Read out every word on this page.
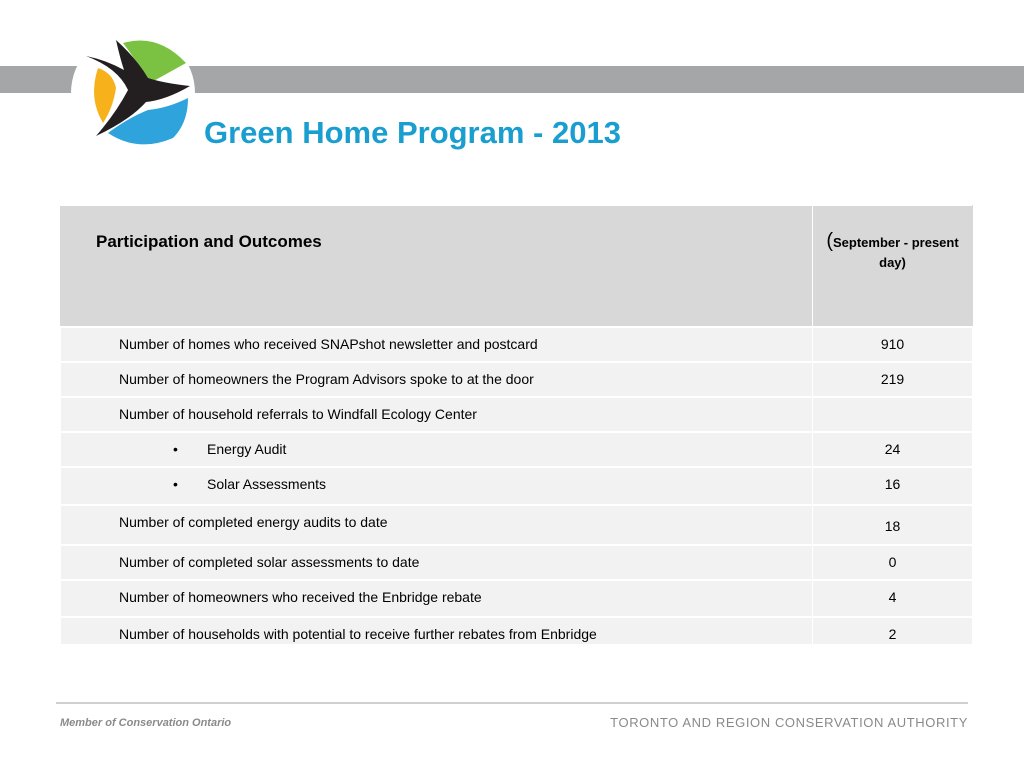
Green Home Program - 2013
Participation and Outcomes	(September - present day)

Number of homes who received SNAPshot newsletter and postcard	910
Number of homeowners the Program Advisors spoke to at the door	219
Number of household referrals to Windfall Ecology Center	

• Energy Audit	24

• Solar Assessments	16
Number of completed energy audits to date	18
Number of completed solar assessments to date	0
Number of homeowners who received the Enbridge rebate	4
Number of households with potential to receive further rebates from Enbridge	2
Member of Conservation Ontario	TORONTO AND REGION CONSERVATION AUTHORITY
